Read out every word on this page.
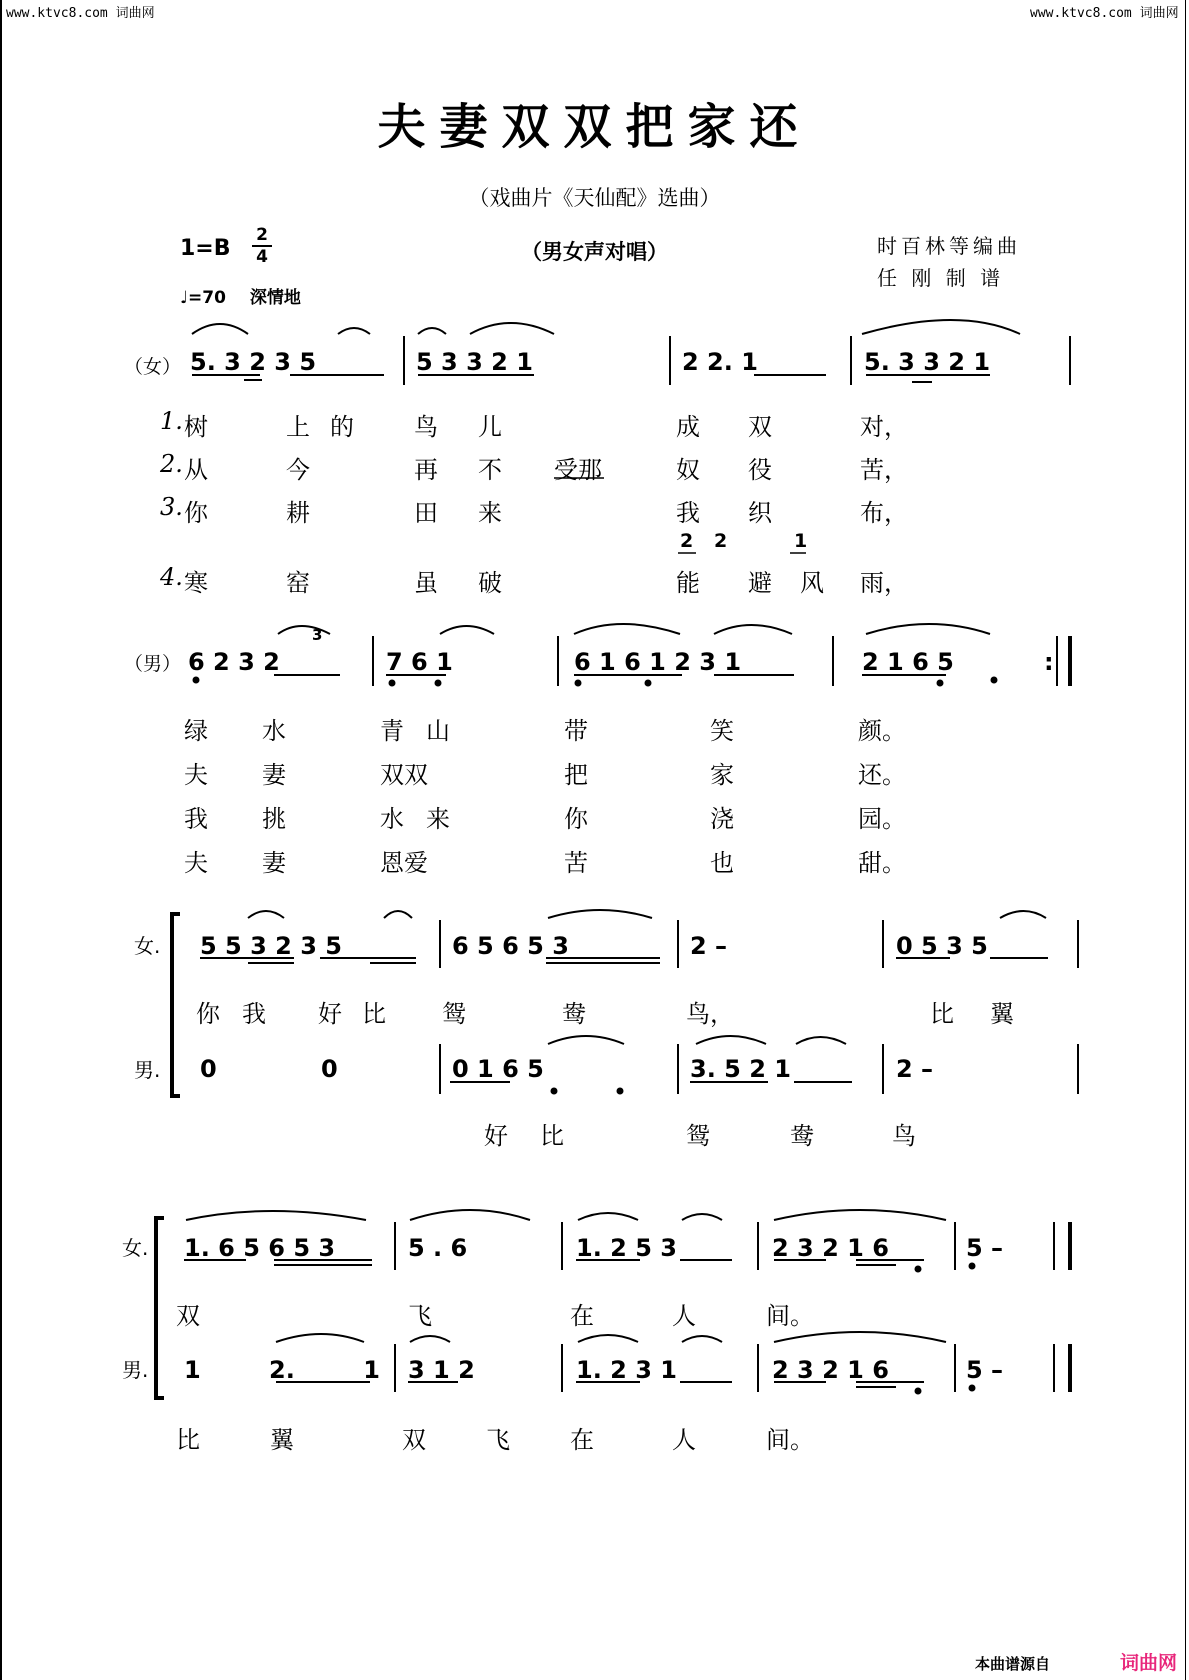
www.ktvc8.com 词曲网	www.ktvc8.com 词曲网
夫妻双双把家还
（戏曲片《天仙配》选曲）
1=B
2
4	（男女声对唱）	时百林等编曲
任 刚 制 谱
♩=70 深情地
（女） 5. 3 2 3 5	5 3 3 2 1	2 2. 1	5. 3 3 2 1
1. 树	上 的	鸟 儿	成 双	对，
2. 从	今	再 不 受那	奴 役	苦，
3. 你	耕	田 来	我 织	布，
2 2	1
4. 寒	窑	虽 破	能 避 风 雨，
（男） 6 2 3 2
3
7 6 1	6 1 6 1 2 3 1	2 1 6 5	:
绿 水	青 山	带	笑	颜。
夫 妻	双双	把	家	还。
我 挑	水 来	你	浇	园。
夫 妻	恩爱	苦	也	甜。
女. 5 5 3 2 3 5	6 5 6 5 3	2 –	0 5 3 5
你 我 好 比 鸳	鸯	鸟，	比 翼
男. 0 0	0 1 6 5	3. 5 2 1	2 –
好 比	鸳	鸯	鸟
女. 1. 6 5 6 5 3	5 . 6	1. 2 5 3	2 3 2 1 6	5 –
双	飞	在	人	间。
男. 1 2. 1 3 1 2	1. 2 3 1	2 3 2 1 6	5 –
比	翼	双	飞	在	人	间。
本曲谱源自	词曲网
